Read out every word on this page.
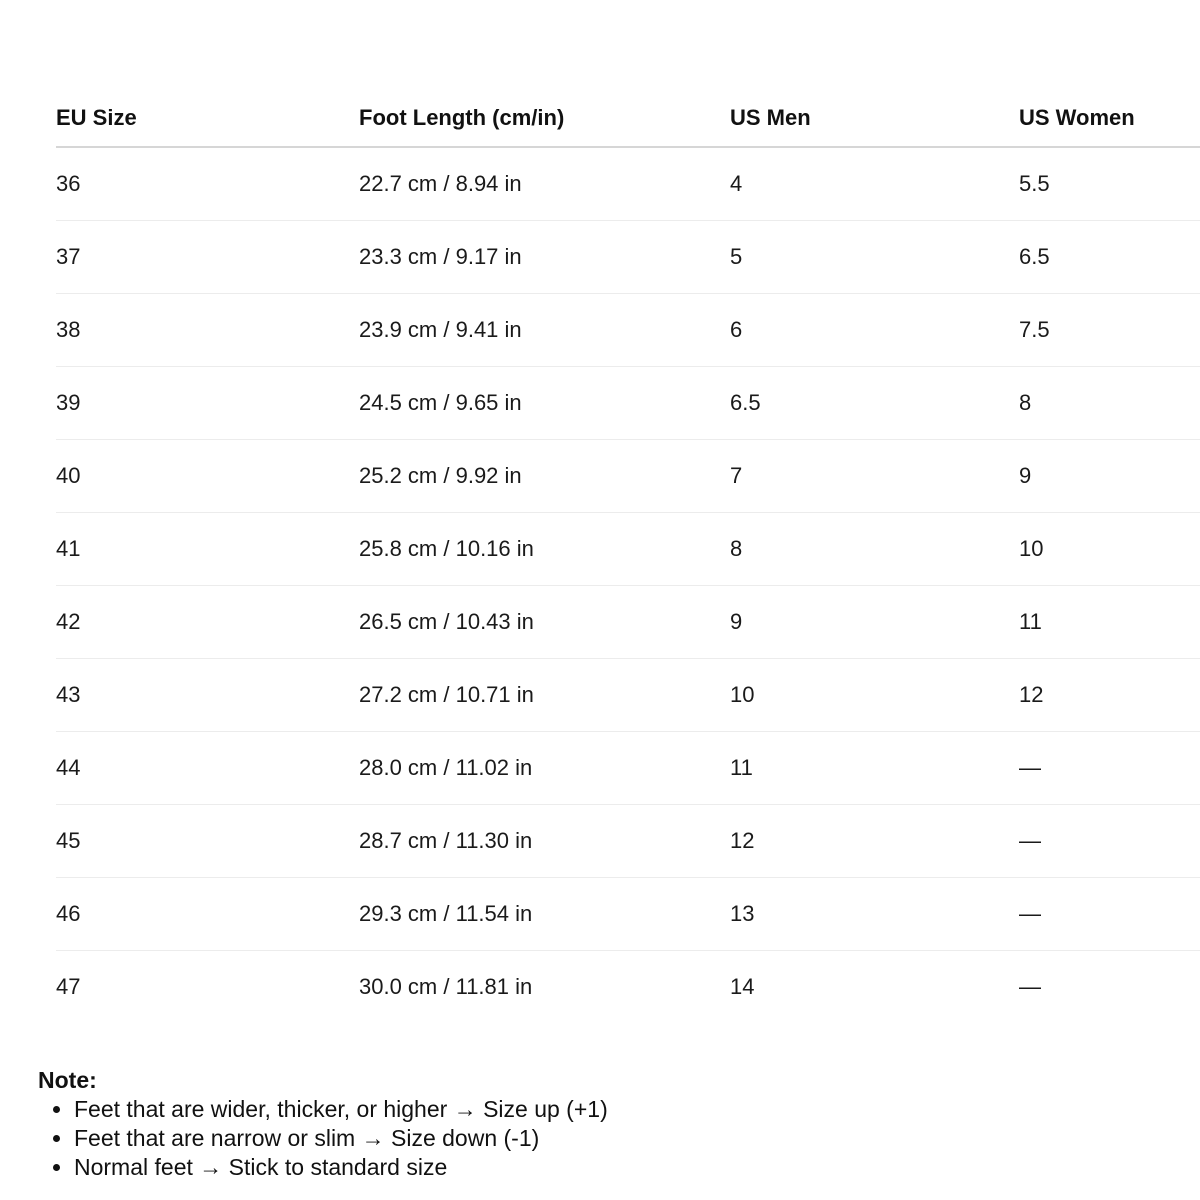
EU Size	Foot Length (cm/in)	US Men	US Women
36	22.7 cm / 8.94 in	4	5.5
37	23.3 cm / 9.17 in	5	6.5
38	23.9 cm / 9.41 in	6	7.5
39	24.5 cm / 9.65 in	6.5	8
40	25.2 cm / 9.92 in	7	9
41	25.8 cm / 10.16 in	8	10
42	26.5 cm / 10.43 in	9	11
43	27.2 cm / 10.71 in	10	12
44	28.0 cm / 11.02 in	11	—
45	28.7 cm / 11.30 in	12	—
46	29.3 cm / 11.54 in	13	—
47	30.0 cm / 11.81 in	14	—
Note:
• Feet that are wider, thicker, or higher → Size up (+1)
• Feet that are narrow or slim → Size down (-1)
• Normal feet → Stick to standard size
